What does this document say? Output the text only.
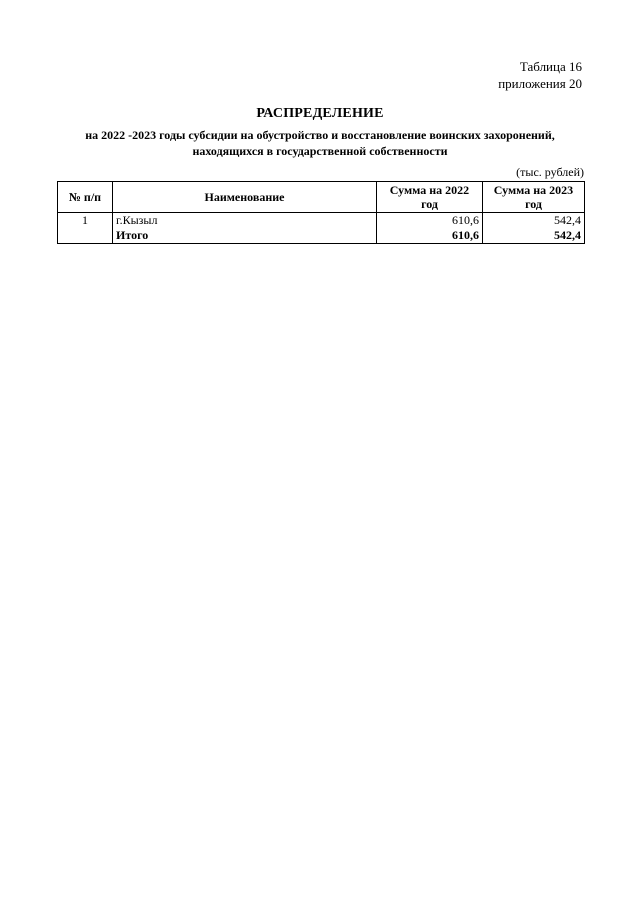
Таблица 16
приложения 20
РАСПРЕДЕЛЕНИЕ
на 2022 -2023 годы субсидии на обустройство и восстановление воинских захоронений,
находящихся в государственной собственности
(тыс. рублей)
№ п/п	Наименование	Сумма на 2022 год	Сумма на 2023 год
1	г.Кызыл	610,6	542,4
	Итого	610,6	542,4
